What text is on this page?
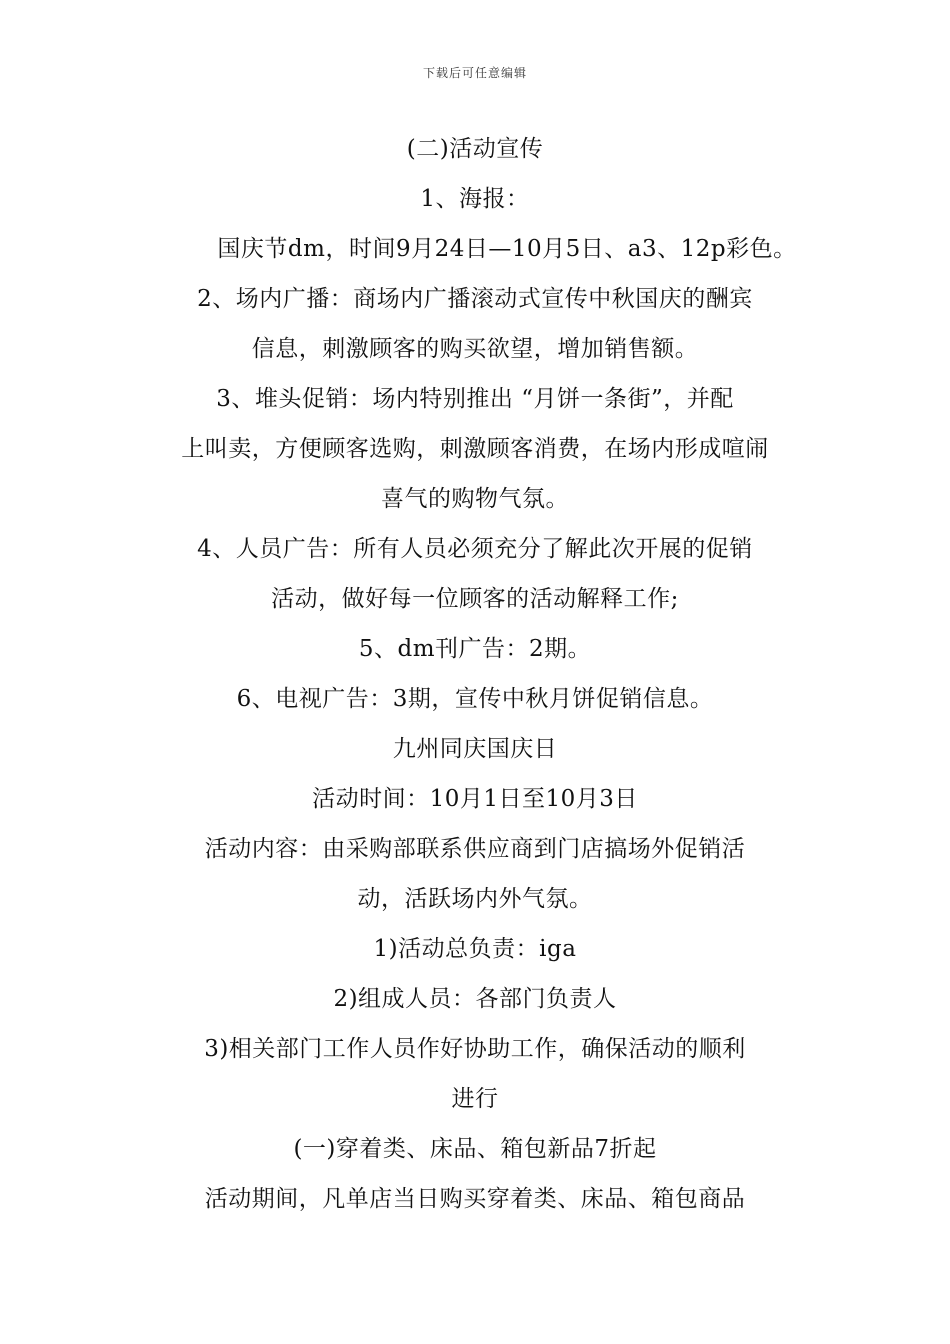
下载后可任意编辑
(二)活动宣传
1、海报：
国庆节dm，时间9月24日—10月5日、a3、12p彩色。
2、场内广播：商场内广播滚动式宣传中秋国庆的酬宾
信息，刺激顾客的购买欲望，增加销售额。
3、堆头促销：场内特别推出 “月饼一条街”，并配
上叫卖，方便顾客选购，刺激顾客消费，在场内形成喧闹
喜气的购物气氛。
4、人员广告：所有人员必须充分了解此次开展的促销
活动，做好每一位顾客的活动解释工作;
5、dm刊广告：2期。
6、电视广告：3期，宣传中秋月饼促销信息。
九州同庆国庆日
活动时间：10月1日至10月3日
活动内容：由采购部联系供应商到门店搞场外促销活
动，活跃场内外气氛。
1)活动总负责：iga
2)组成人员：各部门负责人
3)相关部门工作人员作好协助工作，确保活动的顺利
进行
(一)穿着类、床品、箱包新品7折起
活动期间，凡单店当日购买穿着类、床品、箱包商品
